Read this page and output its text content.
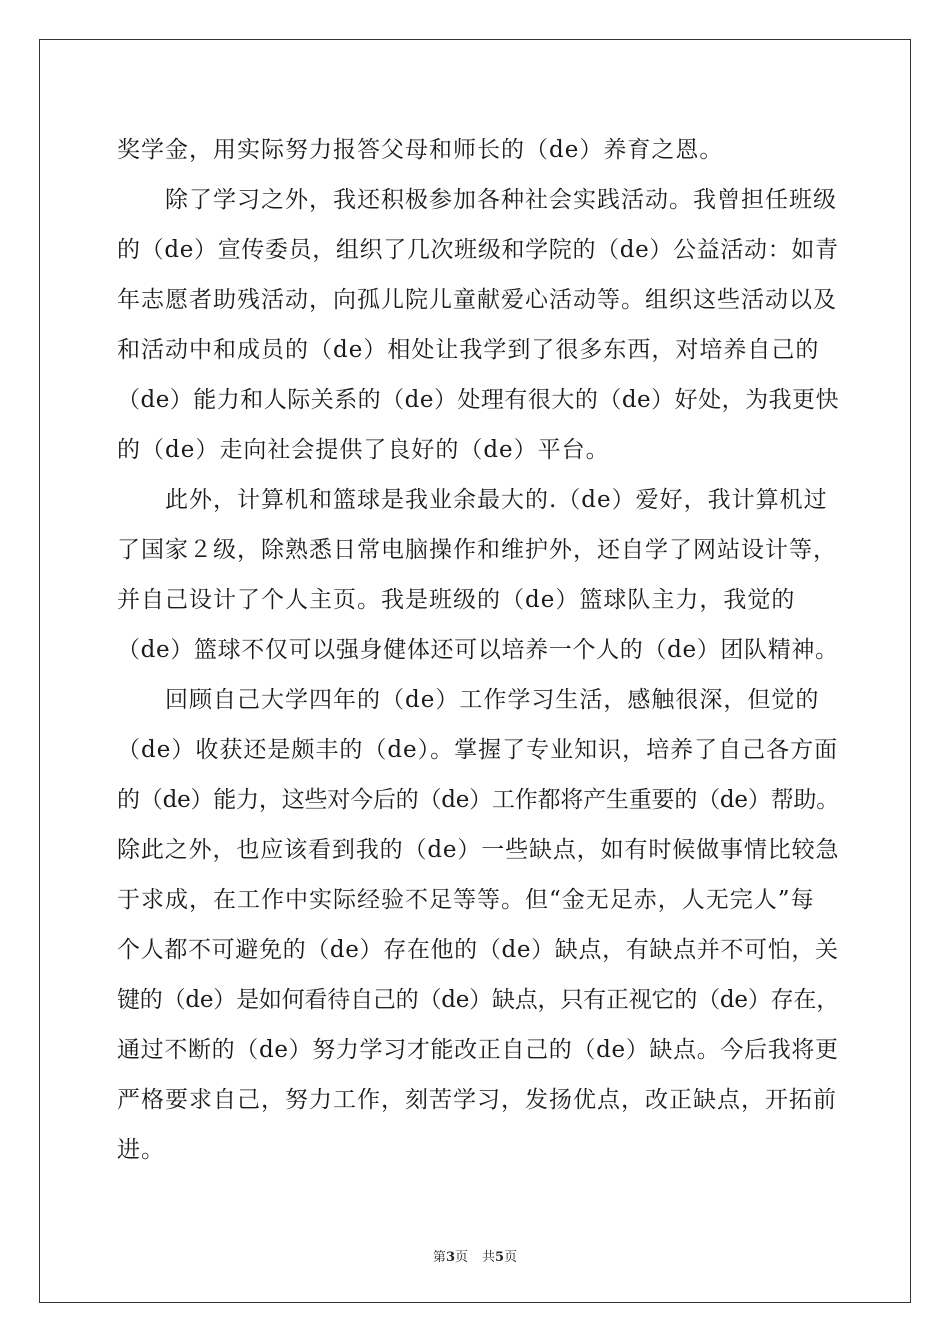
奖学金，用实际努力报答父母和师长的（de）养育之恩。
除了学习之外，我还积极参加各种社会实践活动。我曾担任班级
的（de）宣传委员，组织了几次班级和学院的（de）公益活动：如青
年志愿者助残活动，向孤儿院儿童献爱心活动等。组织这些活动以及
和活动中和成员的（de）相处让我学到了很多东西，对培养自己的
（de）能力和人际关系的（de）处理有很大的（de）好处，为我更快
的（de）走向社会提供了良好的（de）平台。
此外，计算机和篮球是我业余最大的.（de）爱好，我计算机过
了国家２级，除熟悉日常电脑操作和维护外，还自学了网站设计等，
并自己设计了个人主页。我是班级的（de）篮球队主力，我觉的
（de）篮球不仅可以强身健体还可以培养一个人的（de）团队精神。
回顾自己大学四年的（de）工作学习生活，感触很深，但觉的
（de）收获还是颇丰的（de）。掌握了专业知识，培养了自己各方面
的（de）能力，这些对今后的（de）工作都将产生重要的（de）帮助。
除此之外，也应该看到我的（de）一些缺点，如有时候做事情比较急
于求成，在工作中实际经验不足等等。但“金无足赤，人无完人”每
个人都不可避免的（de）存在他的（de）缺点，有缺点并不可怕，关
键的（de）是如何看待自己的（de）缺点，只有正视它的（de）存在，
通过不断的（de）努力学习才能改正自己的（de）缺点。今后我将更
严格要求自己，努力工作，刻苦学习，发扬优点，改正缺点，开拓前
进。
第3页 共5页
